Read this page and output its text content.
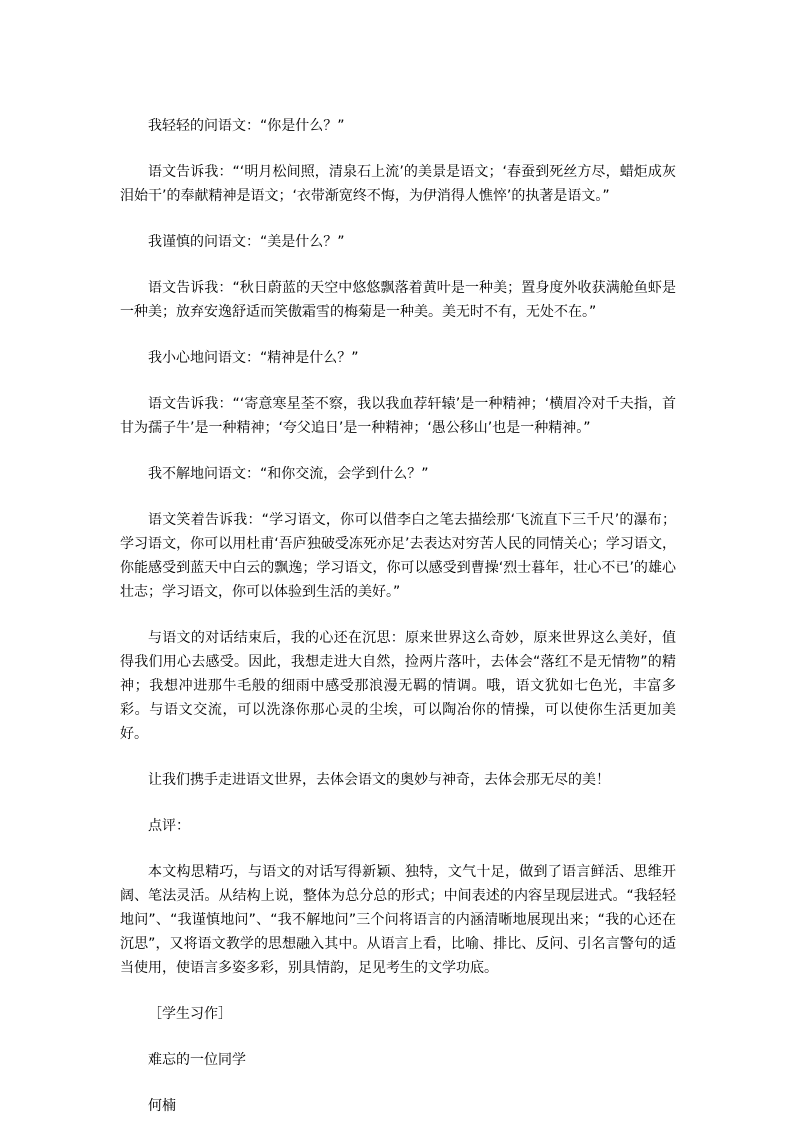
我轻轻的问语文：“你是什么？”

语文告诉我：“‘明月松间照，清泉石上流’的美景是语文；‘春蚕到死丝方尽，蜡炬成灰泪始干’的奉献精神是语文；‘衣带渐宽终不悔，为伊消得人憔悴’的执著是语文。”

我谨慎的问语文：“美是什么？”

语文告诉我：“秋日蔚蓝的天空中悠悠飘落着黄叶是一种美；置身度外收获满舱鱼虾是一种美；放弃安逸舒适而笑傲霜雪的梅菊是一种美。美无时不有，无处不在。”

我小心地问语文：“精神是什么？”

语文告诉我：“‘寄意寒星荃不察，我以我血荐轩辕’是一种精神；‘横眉冷对千夫指，首甘为孺子牛’是一种精神；‘夸父追日’是一种精神；‘愚公移山’也是一种精神。”

我不解地问语文：“和你交流，会学到什么？”

语文笑着告诉我：“学习语文，你可以借李白之笔去描绘那‘飞流直下三千尺’的瀑布；学习语文，你可以用杜甫‘吾庐独破受冻死亦足’去表达对穷苦人民的同情关心；学习语文，你能感受到蓝天中白云的飘逸；学习语文，你可以感受到曹操‘烈士暮年，壮心不已’的雄心壮志；学习语文，你可以体验到生活的美好。”

与语文的对话结束后，我的心还在沉思：原来世界这么奇妙，原来世界这么美好，值得我们用心去感受。因此，我想走进大自然，捡两片落叶，去体会“落红不是无情物”的精神；我想冲进那牛毛般的细雨中感受那浪漫无羁的情调。哦，语文犹如七色光，丰富多彩。与语文交流，可以洗涤你那心灵的尘埃，可以陶冶你的情操，可以使你生活更加美好。

让我们携手走进语文世界，去体会语文的奥妙与神奇，去体会那无尽的美！

点评：

本文构思精巧，与语文的对话写得新颖、独特，文气十足，做到了语言鲜活、思维开阔、笔法灵活。从结构上说，整体为总分总的形式；中间表述的内容呈现层进式。“我轻轻地问”、“我谨慎地问”、“我不解地问”三个问将语言的内涵清晰地展现出来；“我的心还在沉思”，又将语文教学的思想融入其中。从语言上看，比喻、排比、反问、引名言警句的适当使用，使语言多姿多彩，别具情韵，足见考生的文学功底。

［学生习作］

难忘的一位同学

何楠
